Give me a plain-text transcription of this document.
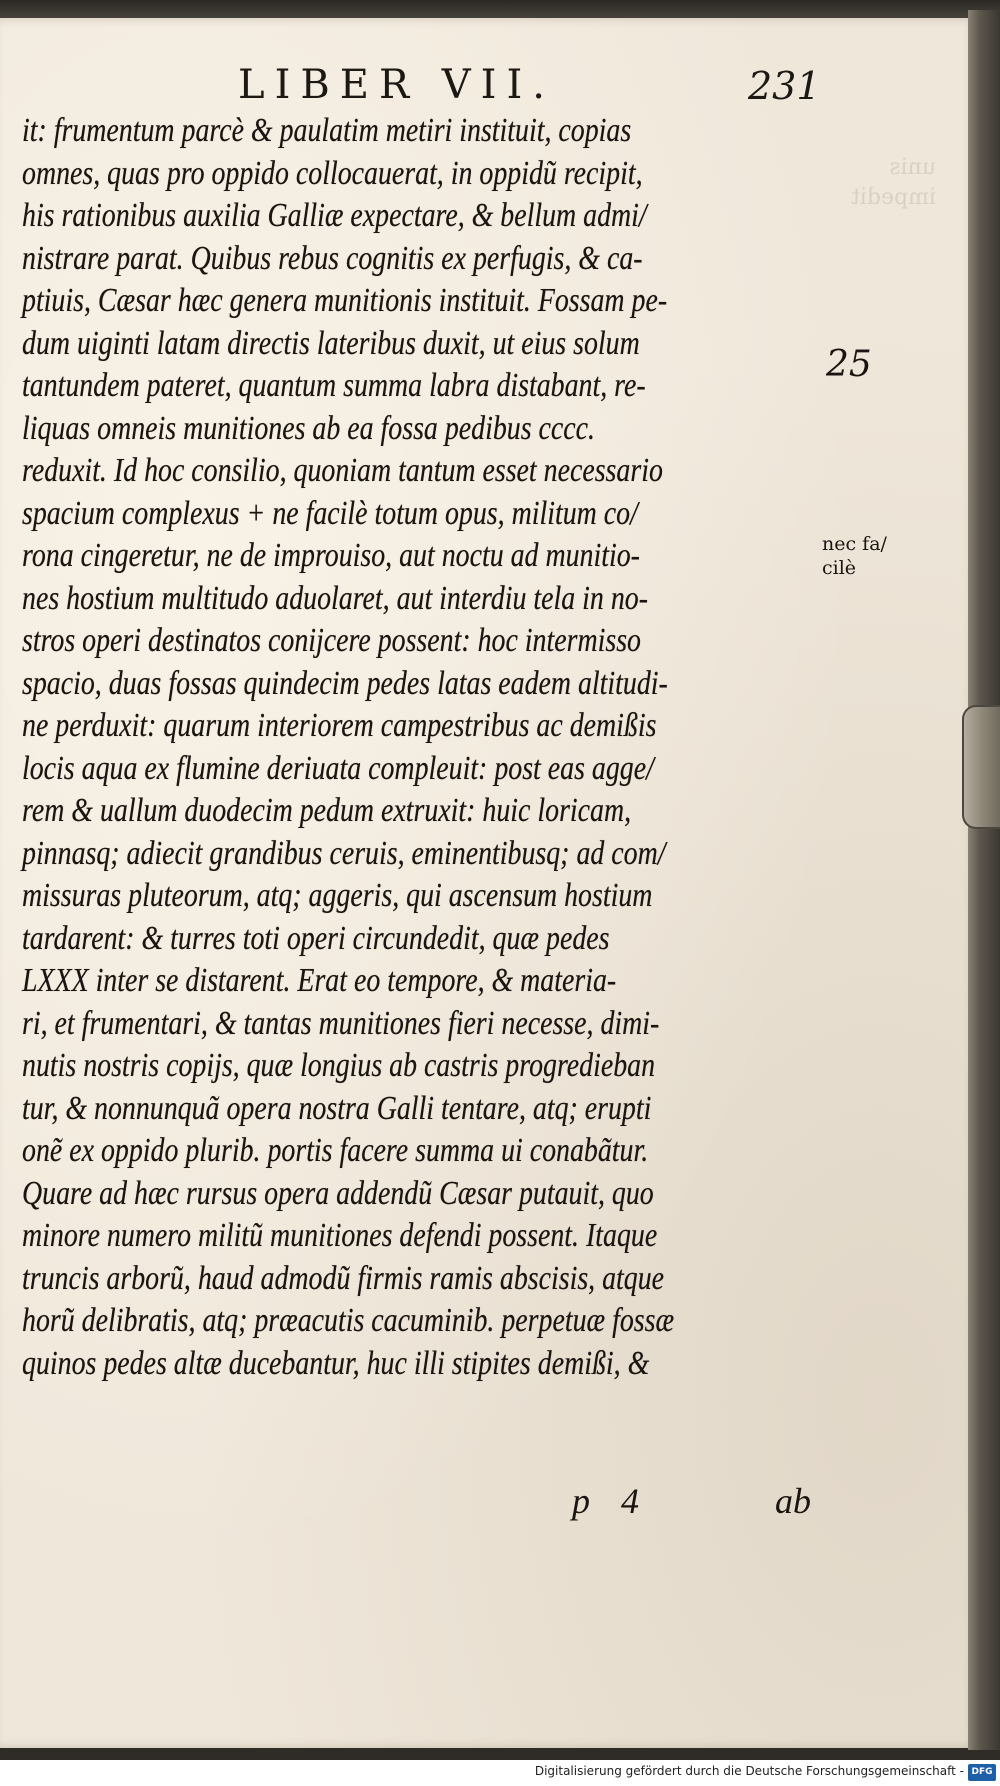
unis
impedit
LIBER VII.	231
it: frumentum parcè & paulatim metiri instituit, copias
omnes, quas pro oppido collocauerat, in oppidũ recipit,
his rationibus auxilia Galliæ expectare, & bellum admi/
nistrare parat. Quibus rebus cognitis ex perfugis, & ca-
ptiuis, Cæsar hæc genera munitionis instituit. Fossam pe-
dum uiginti latam directis lateribus duxit, ut eius solum
tantundem pateret, quantum summa labra distabant, re-
liquas omneis munitiones ab ea fossa pedibus cccc.
reduxit. Id hoc consilio, quoniam tantum esset necessario
spacium complexus + ne facilè totum opus, militum co/
rona cingeretur, ne de improuiso, aut noctu ad munitio-
nes hostium multitudo aduolaret, aut interdiu tela in no-
stros operi destinatos conijcere possent: hoc intermisso
spacio, duas fossas quindecim pedes latas eadem altitudi-
ne perduxit: quarum interiorem campestribus ac demißis
locis aqua ex flumine deriuata compleuit: post eas agge/
rem & uallum duodecim pedum extruxit: huic loricam,
pinnasq; adiecit grandibus ceruis, eminentibusq; ad com/
missuras pluteorum, atq; aggeris, qui ascensum hostium
tardarent: & turres toti operi circundedit, quæ pedes
LXXX inter se distarent. Erat eo tempore, & materia-
ri, et frumentari, & tantas munitiones fieri necesse, dimi-
nutis nostris copijs, quæ longius ab castris progredieban
tur, & nonnunquã opera nostra Galli tentare, atq; erupti
onẽ ex oppido plurib. portis facere summa ui conabãtur.
Quare ad hæc rursus opera addendũ Cæsar putauit, quo
minore numero militũ munitiones defendi possent. Itaque
truncis arborũ, haud admodũ firmis ramis abscisis, atque
horũ delibratis, atq; præacutis cacuminib. perpetuæ fossæ
quinos pedes altæ ducebantur, huc illi stipites demißi, &
25
nec fa/
cilè
p 4	ab
Digitalisierung gefördert durch die Deutsche Forschungsgemeinschaft - DFG
